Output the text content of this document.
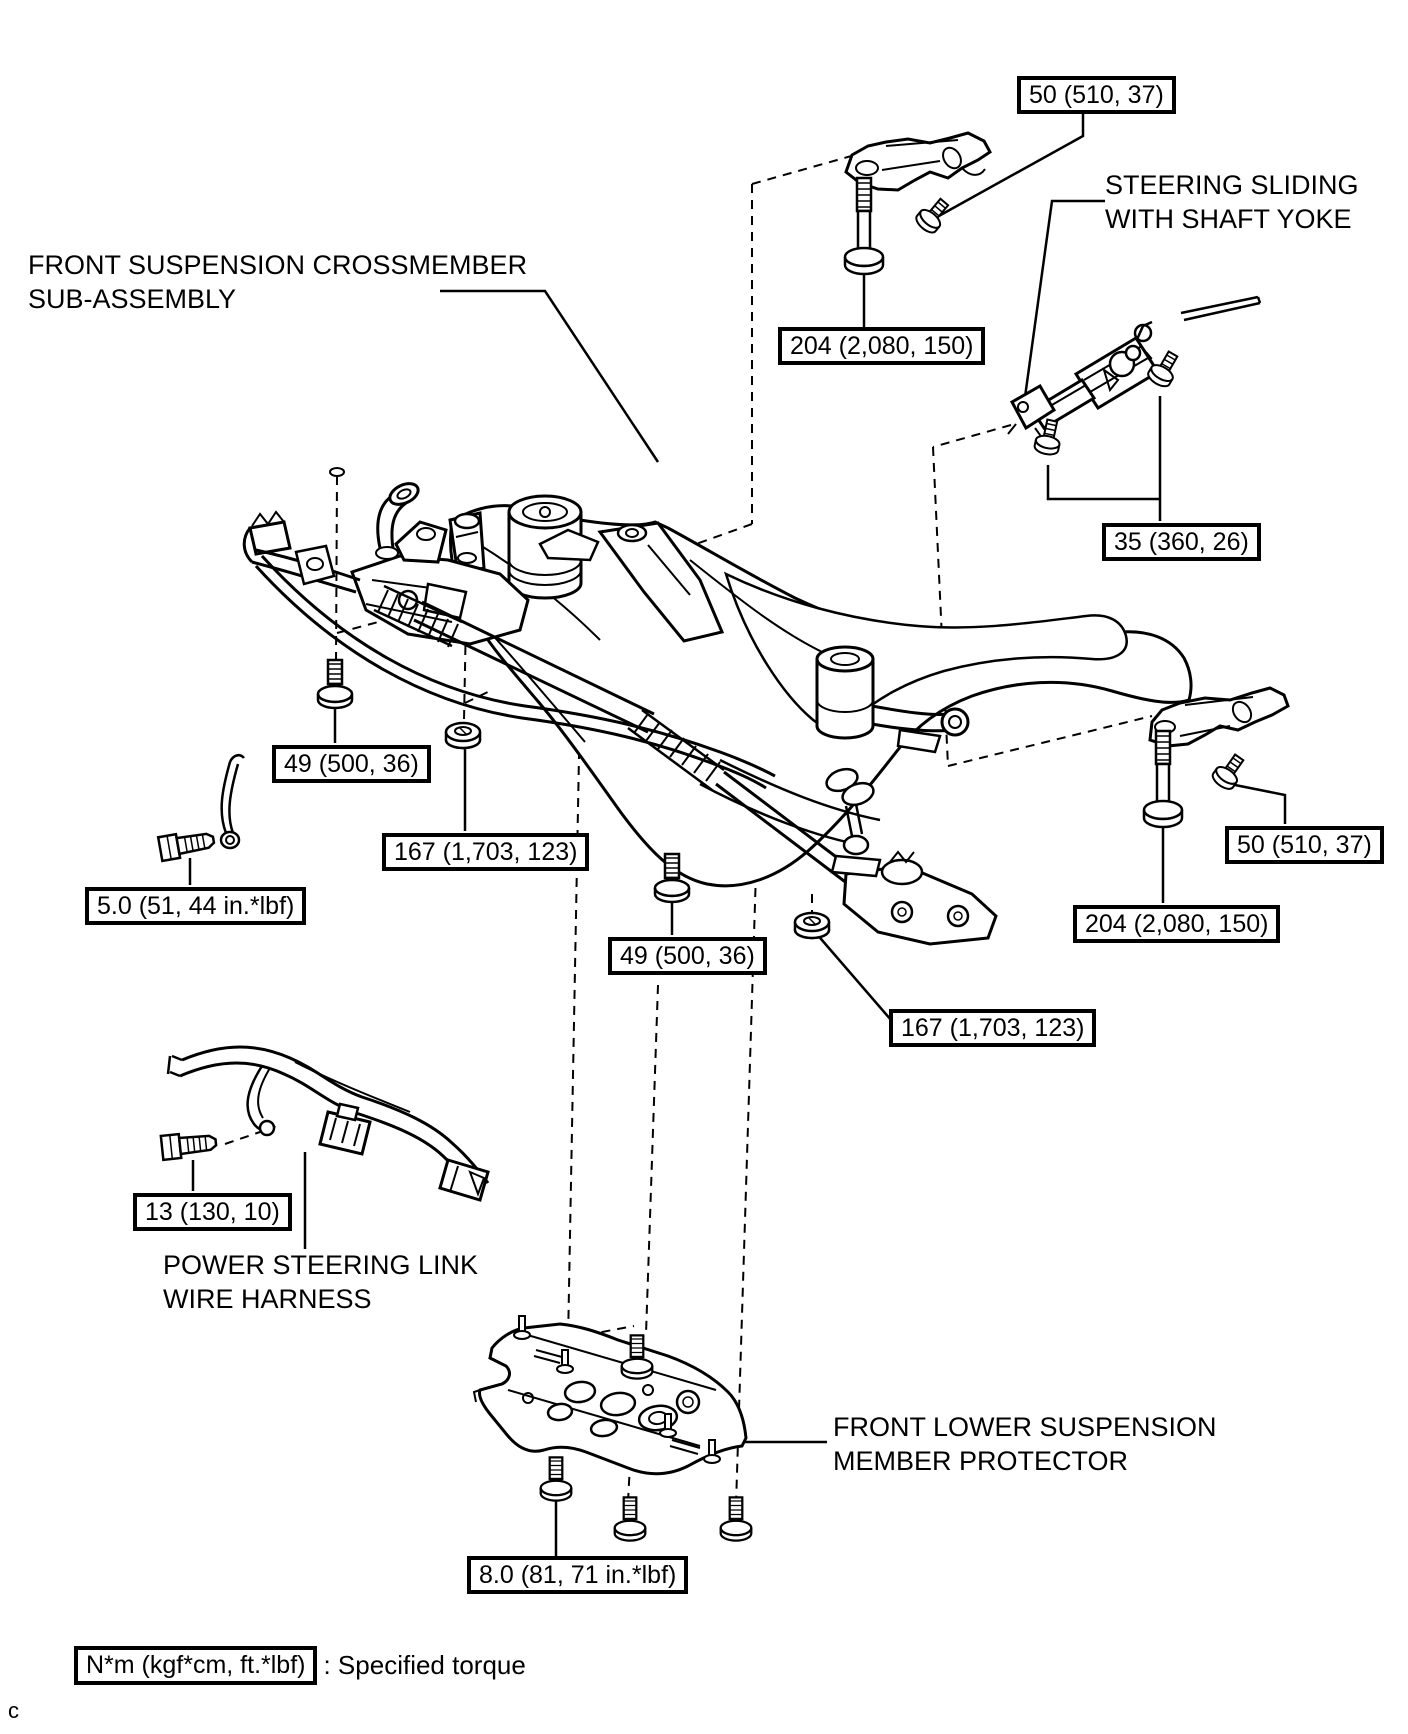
50 (510, 37)
204 (2,080, 150)
35 (360, 26)
49 (500, 36)
167 (1,703, 123)
5.0 (51, 44 in.*lbf)
49 (500, 36)
167 (1,703, 123)
50 (510, 37)
204 (2,080, 150)
13 (130, 10)
8.0 (81, 71 in.*lbf)
FRONT SUSPENSION CROSSMEMBER
SUB-ASSEMBLY
STEERING SLIDING
WITH SHAFT YOKE
POWER STEERING LINK
WIRE HARNESS
FRONT LOWER SUSPENSION
MEMBER PROTECTOR
N*m (kgf*cm, ft.*lbf) : Specified torque
c
